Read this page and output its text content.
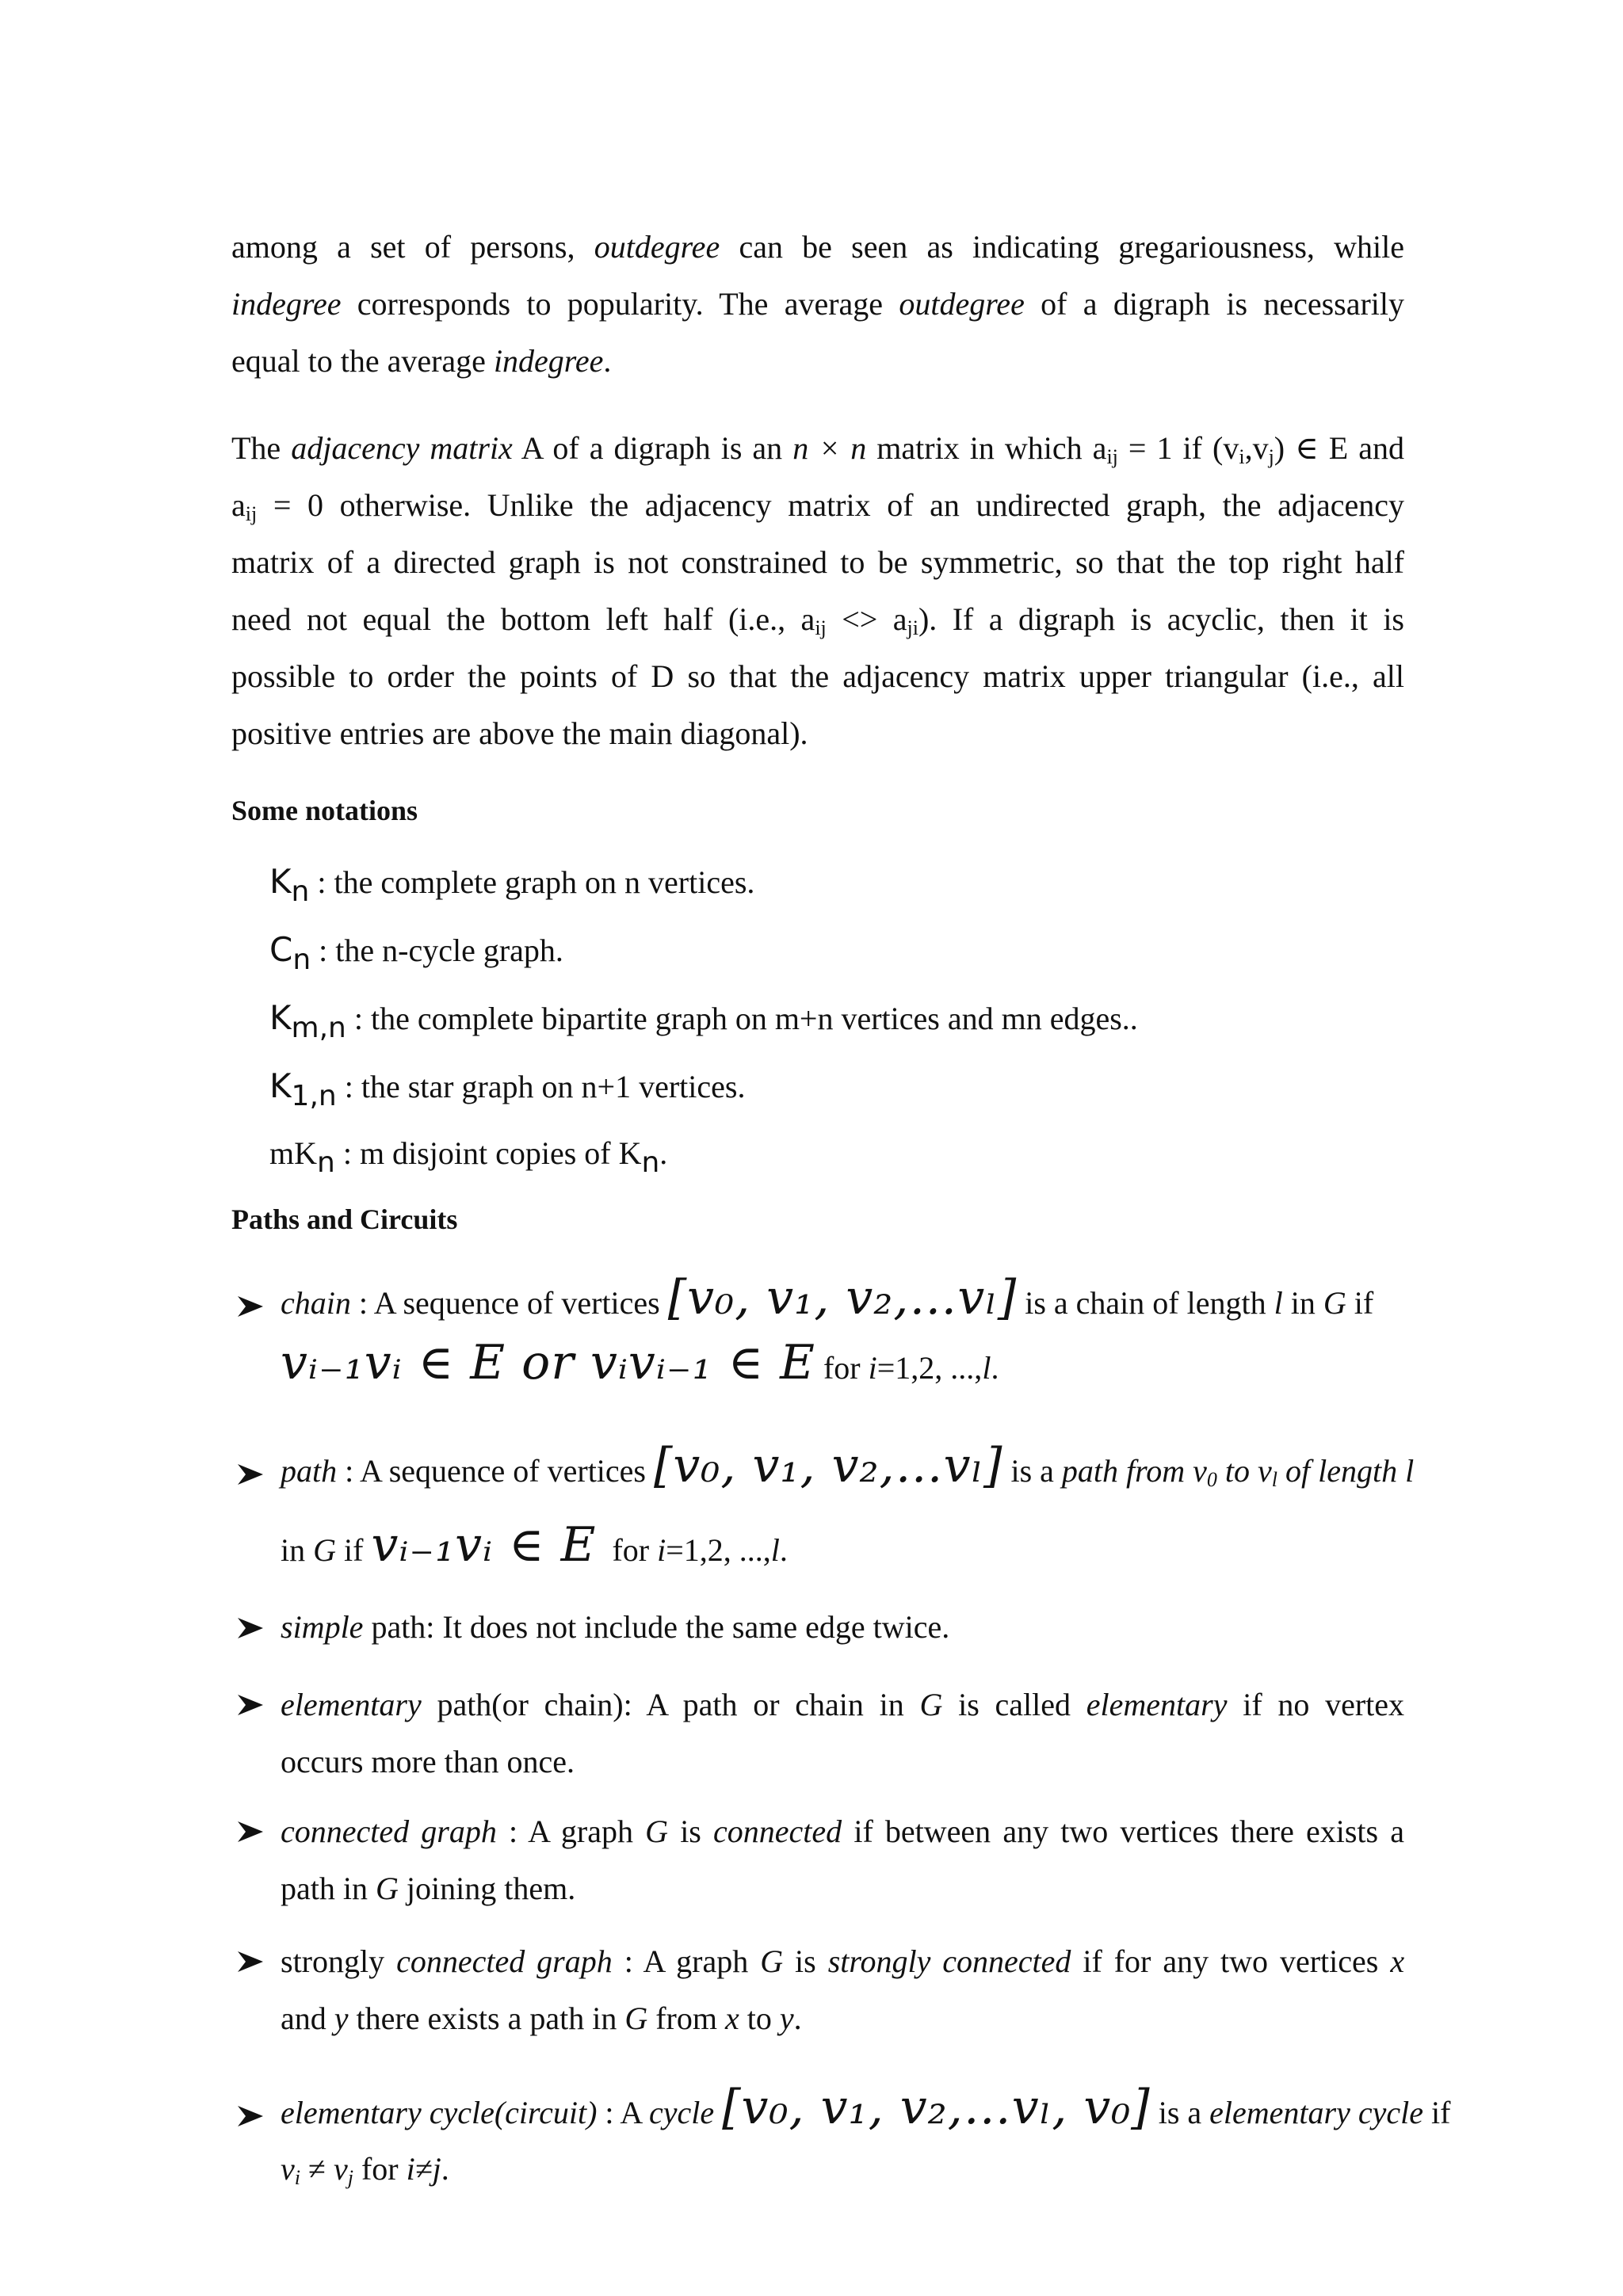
among a set of persons, outdegree can be seen as indicating gregariousness, while
indegree corresponds to popularity. The average outdegree of a digraph is necessarily
equal to the average indegree.
The adjacency matrix A of a digraph is an n × n matrix in which $a_{ij} = 1$ if $(v_i,v_j)$ ∈ E and
$a_{ij} = 0$ otherwise. Unlike the adjacency matrix of an undirected graph, the adjacency
matrix of a directed graph is not constrained to be symmetric, so that the top right half
need not equal the bottom left half (i.e., $a_{ij} <> a_{ji}$). If a digraph is acyclic, then it is
possible to order the points of D so that the adjacency matrix upper triangular (i.e., all
positive entries are above the main diagonal).
Some notations
Kn : the complete graph on n vertices.
Cn : the n-cycle graph.
Km,n : the complete bipartite graph on m+n vertices and mn edges..
K1,n : the star graph on n+1 vertices.
mKn : m disjoint copies of Kn.
Paths and Circuits
chain : A sequence of vertices [v₀, v₁, v₂,…vₗ] is a chain of length l in G if
vᵢ₋₁vᵢ ∈ E or vᵢvᵢ₋₁ ∈ E for i=1,2, ...,l.
path : A sequence of vertices [v₀, v₁, v₂,…vₗ] is a path from $v_0$ to $v_l$ of length l
in G if vᵢ₋₁vᵢ ∈ E for i=1,2, ...,l.
simple path: It does not include the same edge twice.
elementary path(or chain): A path or chain in G is called elementary if no vertex
occurs more than once.
connected graph : A graph G is connected if between any two vertices there exists a
path in G joining them.
strongly connected graph : A graph G is strongly connected if for any two vertices x
and y there exists a path in G from x to y.
elementary cycle(circuit) : A cycle [v₀, v₁, v₂,…vₗ, v₀] is a elementary cycle if
$v_i \ne v_j$ for i≠j.
